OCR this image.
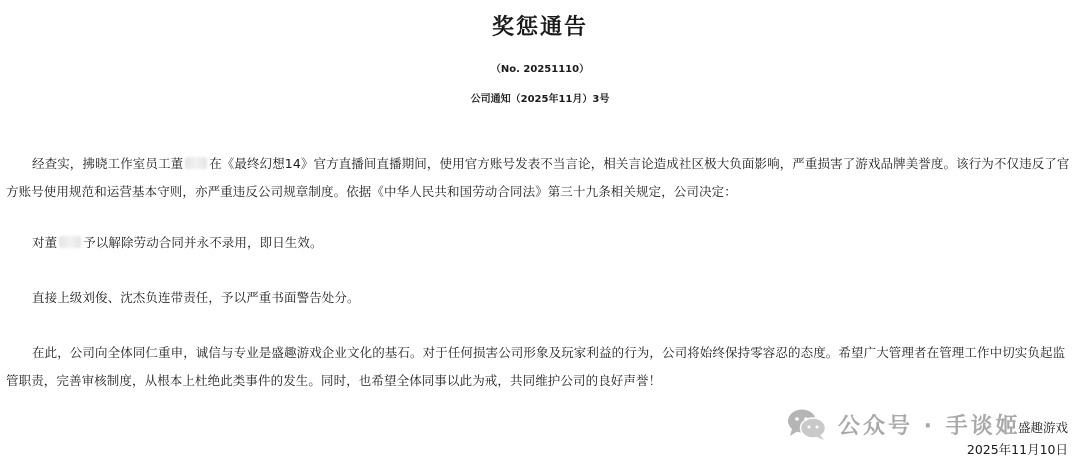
奖惩通告
（No. 20251110）
公司通知（2025年11月）3号

经查实，拂晓工作室员工董 在《最终幻想14》官方直播间直播期间，使用官方账号发表不当言论，相关言论造成社区极大负面影响，严重损害了游戏品牌美誉度。该行为不仅违反了官方账号使用规范和运营基本守则，亦严重违反公司规章制度。依据《中华人民共和国劳动合同法》第三十九条相关规定，公司决定：

对董 予以解除劳动合同并永不录用，即日生效。

直接上级刘俊、沈杰负连带责任，予以严重书面警告处分。

在此，公司向全体同仁重申，诚信与专业是盛趣游戏企业文化的基石。对于任何损害公司形象及玩家利益的行为，公司将始终保持零容忍的态度。希望广大管理者在管理工作中切实负起监管职责，完善审核制度，从根本上杜绝此类事件的发生。同时，也希望全体同事以此为戒，共同维护公司的良好声誉！

公众号 · 手谈姬
盛趣游戏
2025年11月10日
